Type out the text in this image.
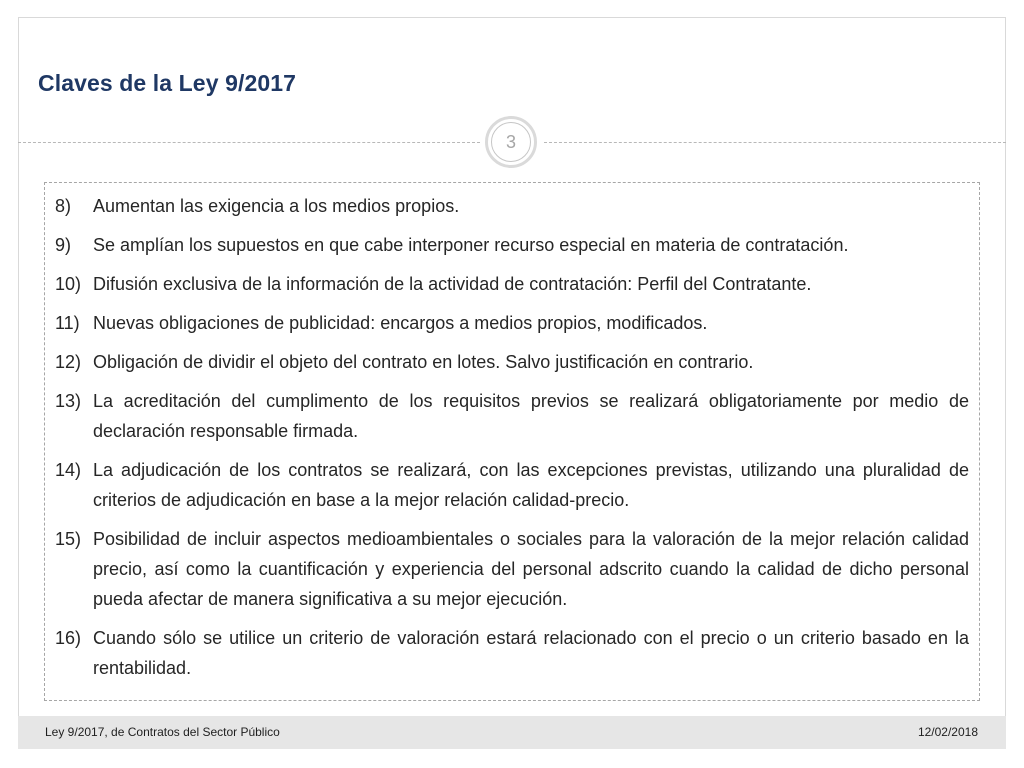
Claves de la Ley 9/2017
3
8)	Aumentan las exigencia a los medios propios.
9)	Se amplían los supuestos en que cabe interponer recurso especial en materia de contratación.
10) Difusión exclusiva de la información de la actividad de contratación: Perfil del Contratante.
11) Nuevas obligaciones de publicidad: encargos a medios propios, modificados.
12) Obligación de dividir el objeto del contrato en lotes. Salvo justificación en contrario.
13) La acreditación del cumplimento de los requisitos previos se realizará obligatoriamente por medio de declaración responsable firmada.
14) La adjudicación de los contratos se realizará, con las excepciones previstas, utilizando una pluralidad de criterios de adjudicación en base a la mejor relación calidad-precio.
15) Posibilidad de incluir aspectos medioambientales o sociales para la valoración de la mejor relación calidad precio, así como la cuantificación y experiencia del personal adscrito cuando la calidad de dicho personal pueda afectar de manera significativa a su mejor ejecución.
16) Cuando sólo se utilice un criterio de valoración estará relacionado con el precio o un criterio basado en la rentabilidad.
Ley 9/2017, de Contratos del Sector Público	12/02/2018
